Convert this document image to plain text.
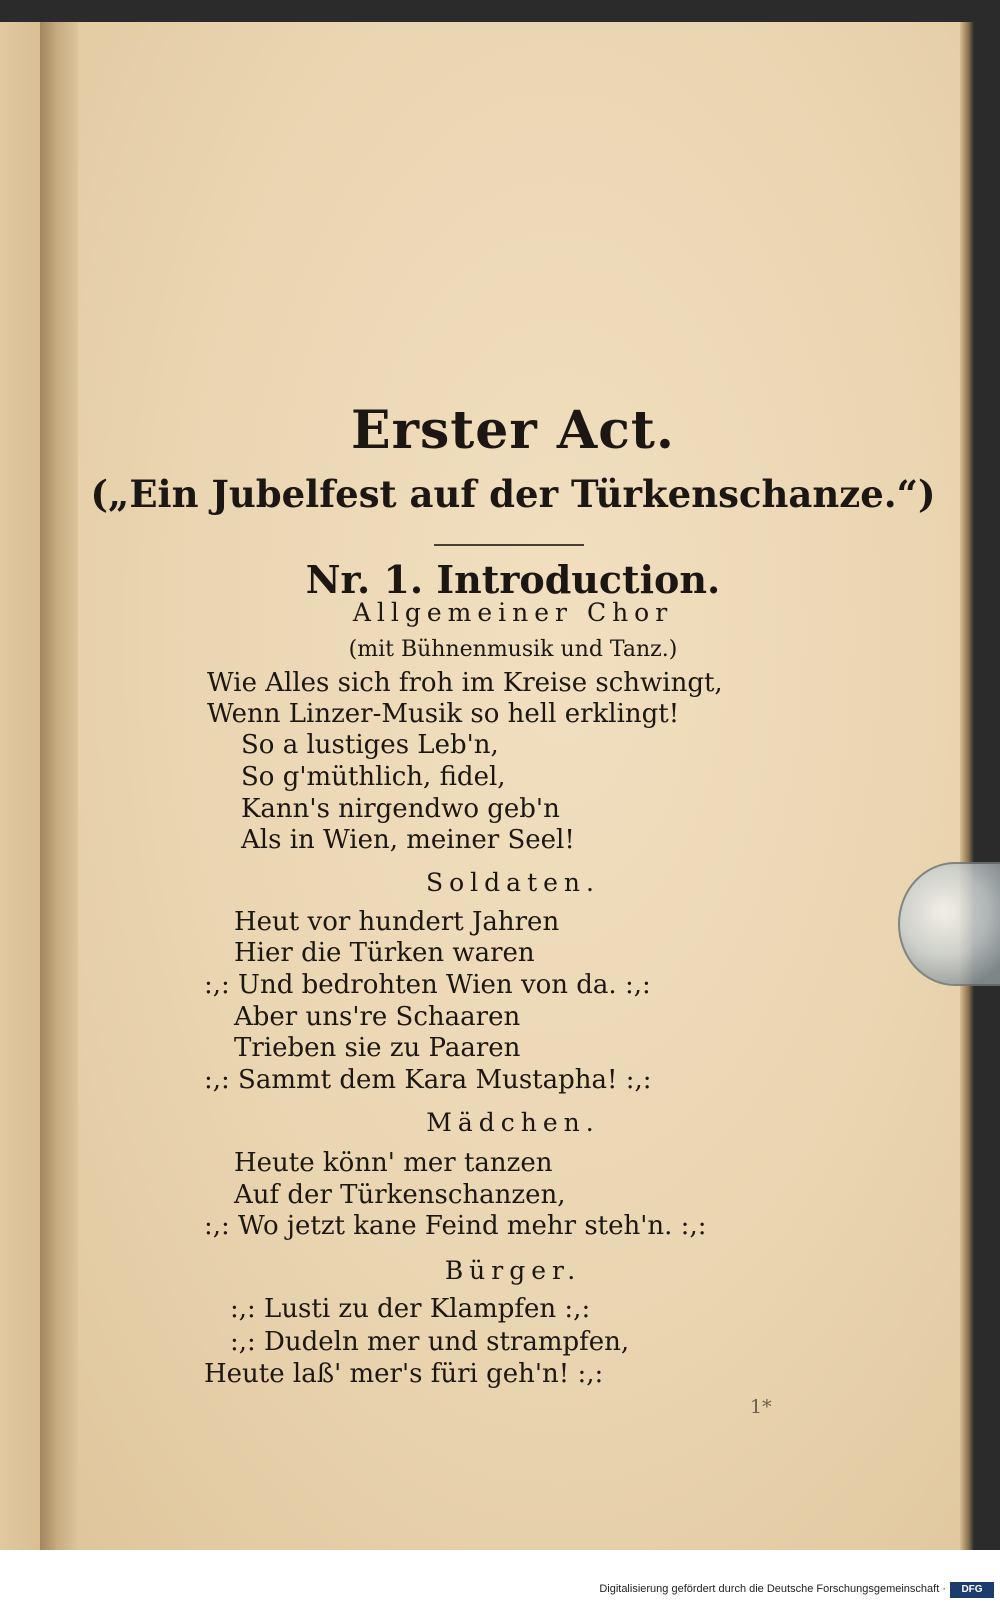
Erster Act.
(„Ein Jubelfest auf der Türkenschanze.“)
Nr. 1. Introduction.
Allgemeiner Chor
(mit Bühnenmusik und Tanz.)
Wie Alles sich froh im Kreise schwingt,
Wenn Linzer-Musik so hell erklingt!
So a lustiges Leb'n,
So g'müthlich, fidel,
Kann's nirgendwo geb'n
Als in Wien, meiner Seel!
Soldaten.
Heut vor hundert Jahren
Hier die Türken waren
:,: Und bedrohten Wien von da. :,:
Aber uns're Schaaren
Trieben sie zu Paaren
:,: Sammt dem Kara Mustapha! :,:
Mädchen.
Heute könn' mer tanzen
Auf der Türkenschanzen,
:,: Wo jetzt kane Feind mehr steh'n. :,:
Bürger.
:,: Lusti zu der Klampfen :,:
:,: Dudeln mer und strampfen,
Heute laß' mer's füri geh'n! :,:
1*
Digitalisierung gefördert durch die Deutsche Forschungsgemeinschaft ·	DFG
